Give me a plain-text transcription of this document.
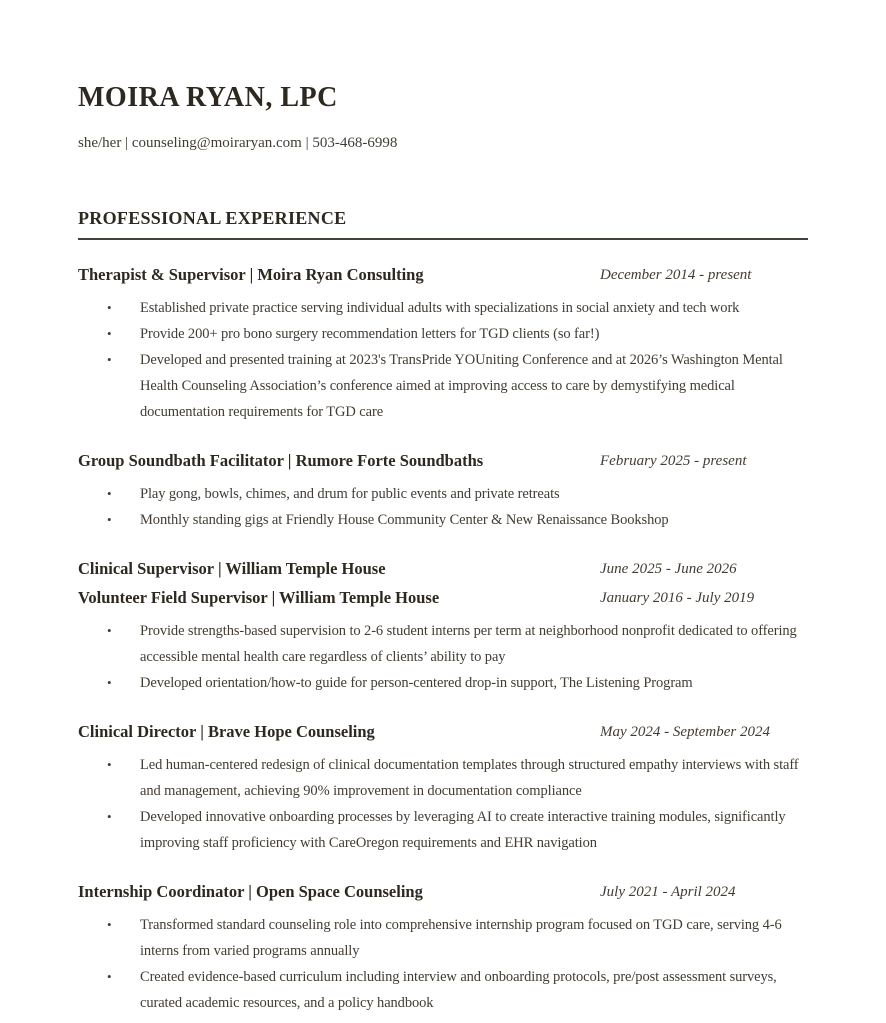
MOIRA RYAN, LPC
she/her | counseling@moiraryan.com | 503-468-6998
PROFESSIONAL EXPERIENCE
Therapist & Supervisor | Moira Ryan Consulting	December 2014 - present
• Established private practice serving individual adults with specializations in social anxiety and tech work
• Provide 200+ pro bono surgery recommendation letters for TGD clients (so far!)
• Developed and presented training at 2023's TransPride YOUniting Conference and at 2026’s Washington Mental Health Counseling Association’s conference aimed at improving access to care by demystifying medical documentation requirements for TGD care
Group Soundbath Facilitator | Rumore Forte Soundbaths	February 2025 - present
• Play gong, bowls, chimes, and drum for public events and private retreats
• Monthly standing gigs at Friendly House Community Center & New Renaissance Bookshop
Clinical Supervisor | William Temple House	June 2025 - June 2026
Volunteer Field Supervisor | William Temple House	January 2016 - July 2019
• Provide strengths-based supervision to 2-6 student interns per term at neighborhood nonprofit dedicated to offering accessible mental health care regardless of clients’ ability to pay
• Developed orientation/how-to guide for person-centered drop-in support, The Listening Program
Clinical Director | Brave Hope Counseling	May 2024 - September 2024
• Led human-centered redesign of clinical documentation templates through structured empathy interviews with staff and management, achieving 90% improvement in documentation compliance
• Developed innovative onboarding processes by leveraging AI to create interactive training modules, significantly improving staff proficiency with CareOregon requirements and EHR navigation
Internship Coordinator | Open Space Counseling	July 2021 - April 2024
• Transformed standard counseling role into comprehensive internship program focused on TGD care, serving 4-6 interns from varied programs annually
• Created evidence-based curriculum including interview and onboarding protocols, pre/post assessment surveys, curated academic resources, and a policy handbook
